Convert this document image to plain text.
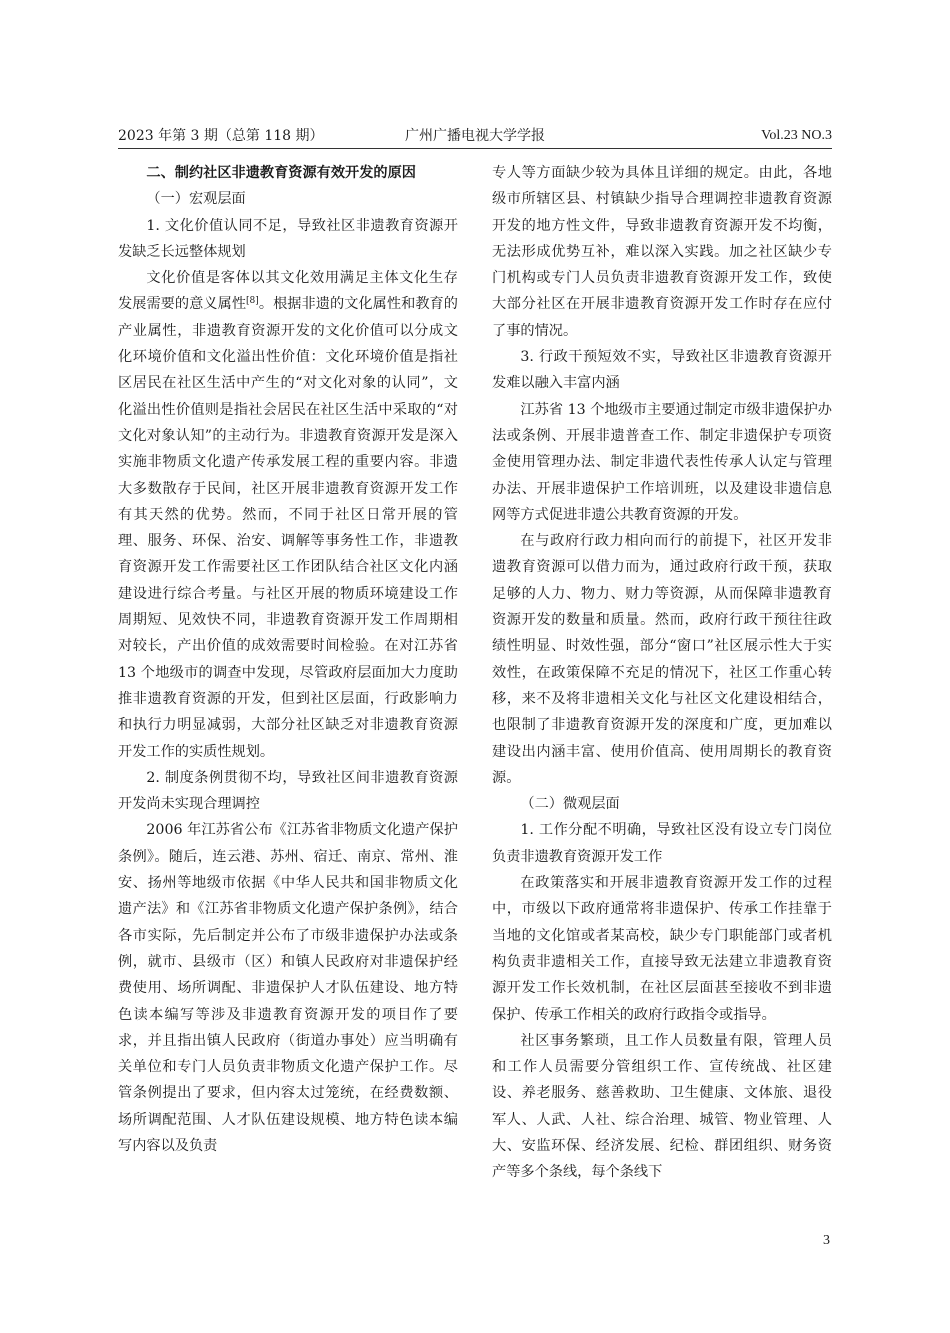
2023 年第 3 期（总第 118 期）	广州广播电视大学学报	Vol.23 NO.3

二、制约社区非遗教育资源有效开发的原因

（一）宏观层面

1. 文化价值认同不足，导致社区非遗教育资源开发缺乏长远整体规划

文化价值是客体以其文化效用满足主体文化生存发展需要的意义属性[8]。根据非遗的文化属性和教育的产业属性，非遗教育资源开发的文化价值可以分成文化环境价值和文化溢出性价值：文化环境价值是指社区居民在社区生活中产生的“对文化对象的认同”，文化溢出性价值则是指社会居民在社区生活中采取的“对文化对象认知”的主动行为。非遗教育资源开发是深入实施非物质文化遗产传承发展工程的重要内容。非遗大多数散存于民间，社区开展非遗教育资源开发工作有其天然的优势。然而，不同于社区日常开展的管理、服务、环保、治安、调解等事务性工作，非遗教育资源开发工作需要社区工作团队结合社区文化内涵建设进行综合考量。与社区开展的物质环境建设工作周期短、见效快不同，非遗教育资源开发工作周期相对较长，产出价值的成效需要时间检验。在对江苏省 13 个地级市的调查中发现，尽管政府层面加大力度助推非遗教育资源的开发，但到社区层面，行政影响力和执行力明显减弱，大部分社区缺乏对非遗教育资源开发工作的实质性规划。

2. 制度条例贯彻不均，导致社区间非遗教育资源开发尚未实现合理调控

2006 年江苏省公布《江苏省非物质文化遗产保护条例》。随后，连云港、苏州、宿迁、南京、常州、淮安、扬州等地级市依据《中华人民共和国非物质文化遗产法》和《江苏省非物质文化遗产保护条例》，结合各市实际，先后制定并公布了市级非遗保护办法或条例，就市、县级市（区）和镇人民政府对非遗保护经费使用、场所调配、非遗保护人才队伍建设、地方特色读本编写等涉及非遗教育资源开发的项目作了要求，并且指出镇人民政府（街道办事处）应当明确有关单位和专门人员负责非物质文化遗产保护工作。尽管条例提出了要求，但内容太过笼统，在经费数额、场所调配范围、人才队伍建设规模、地方特色读本编写内容以及负责

专人等方面缺少较为具体且详细的规定。由此，各地级市所辖区县、村镇缺少指导合理调控非遗教育资源开发的地方性文件，导致非遗教育资源开发不均衡，无法形成优势互补，难以深入实践。加之社区缺少专门机构或专门人员负责非遗教育资源开发工作，致使大部分社区在开展非遗教育资源开发工作时存在应付了事的情况。

3. 行政干预短效不实，导致社区非遗教育资源开发难以融入丰富内涵

江苏省 13 个地级市主要通过制定市级非遗保护办法或条例、开展非遗普查工作、制定非遗保护专项资金使用管理办法、制定非遗代表性传承人认定与管理办法、开展非遗保护工作培训班，以及建设非遗信息网等方式促进非遗公共教育资源的开发。

在与政府行政力相向而行的前提下，社区开发非遗教育资源可以借力而为，通过政府行政干预，获取足够的人力、物力、财力等资源，从而保障非遗教育资源开发的数量和质量。然而，政府行政干预往往政绩性明显、时效性强，部分“窗口”社区展示性大于实效性，在政策保障不充足的情况下，社区工作重心转移，来不及将非遗相关文化与社区文化建设相结合，也限制了非遗教育资源开发的深度和广度，更加难以建设出内涵丰富、使用价值高、使用周期长的教育资源。

（二）微观层面

1. 工作分配不明确，导致社区没有设立专门岗位负责非遗教育资源开发工作

在政策落实和开展非遗教育资源开发工作的过程中，市级以下政府通常将非遗保护、传承工作挂靠于当地的文化馆或者某高校，缺少专门职能部门或者机构负责非遗相关工作，直接导致无法建立非遗教育资源开发工作长效机制，在社区层面甚至接收不到非遗保护、传承工作相关的政府行政指令或指导。

社区事务繁琐，且工作人员数量有限，管理人员和工作人员需要分管组织工作、宣传统战、社区建设、养老服务、慈善救助、卫生健康、文体旅、退役军人、人武、人社、综合治理、城管、物业管理、人大、安监环保、经济发展、纪检、群团组织、财务资产等多个条线，每个条线下

3
